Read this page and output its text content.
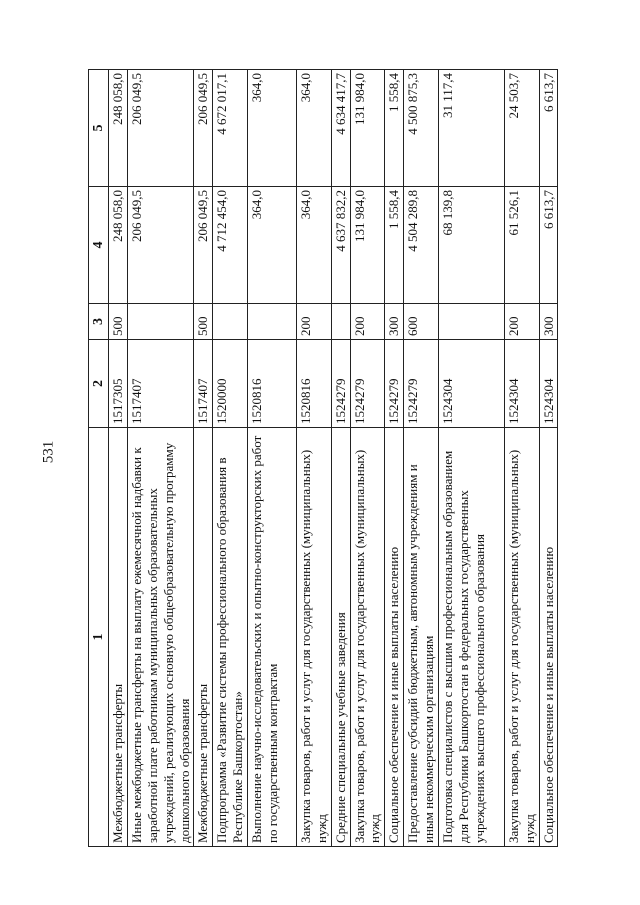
531
1	2	3	4	5
Межбюджетные трансферты	1517305	500	248 058,0	248 058,0
Иные межбюджетные трансферты на выплату ежемесячной надбавки к заработной плате работникам муниципальных образовательных учреждений, реализующих основную общеобразовательную программу дошкольного образования	1517407		206 049,5	206 049,5
Межбюджетные трансферты	1517407	500	206 049,5	206 049,5
Подпрограмма «Развитие системы профессионального образования в Республике Башкортостан»	1520000		4 712 454,0	4 672 017,1
Выполнение научно-исследовательских и опытно-конструкторских работ по государственным контрактам	1520816		364,0	364,0
Закупка товаров, работ и услуг для государственных (муниципальных) нужд	1520816	200	364,0	364,0
Средние специальные учебные заведения	1524279		4 637 832,2	4 634 417,7
Закупка товаров, работ и услуг для государственных (муниципальных) нужд	1524279	200	131 984,0	131 984,0
Социальное обеспечение и иные выплаты населению	1524279	300	1 558,4	1 558,4
Предоставление субсидий бюджетным, автономным учреждениям и иным некоммерческим организациям	1524279	600	4 504 289,8	4 500 875,3
Подготовка специалистов с высшим профессиональным образованием для Республики Башкортостан в федеральных государственных учреждениях высшего профессионального образования	1524304		68 139,8	31 117,4
Закупка товаров, работ и услуг для государственных (муниципальных) нужд	1524304	200	61 526,1	24 503,7
Социальное обеспечение и иные выплаты населению	1524304	300	6 613,7	6 613,7
